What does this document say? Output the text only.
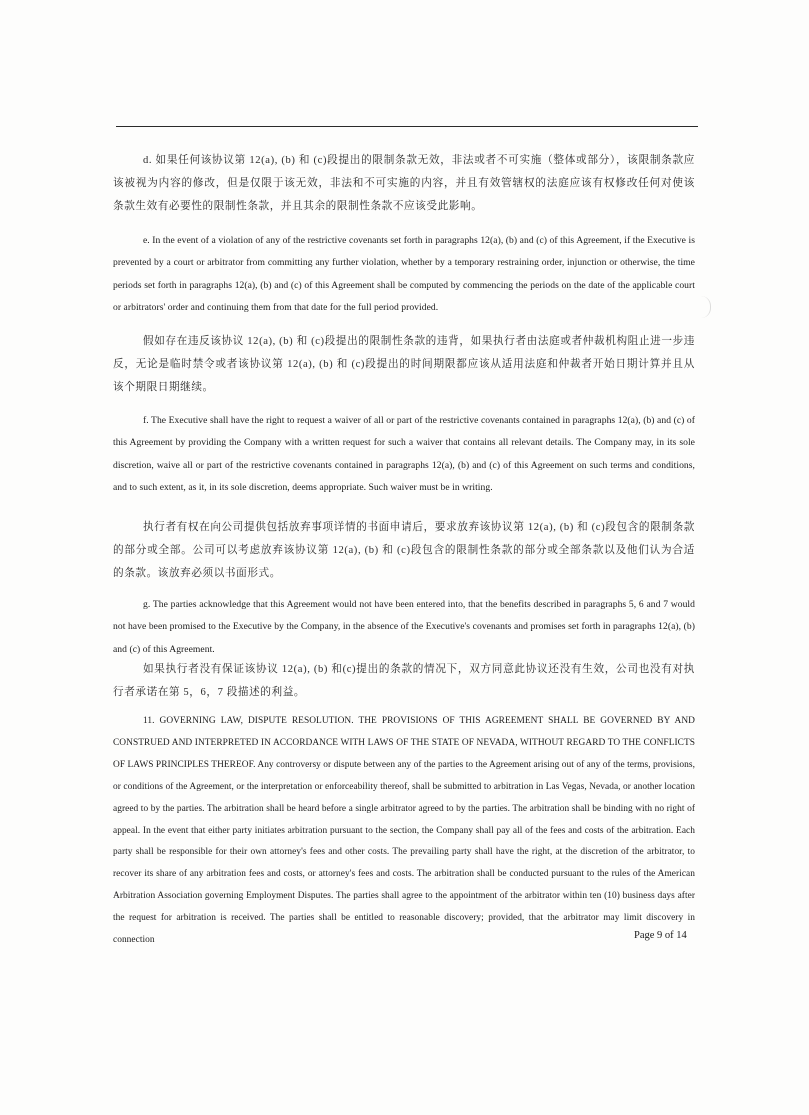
d. 如果任何该协议第 12(a), (b) 和 (c)段提出的限制条款无效，非法或者不可实施（整体或部分），该限制条款应该被视为内容的修改，但是仅限于该无效，非法和不可实施的内容，并且有效管辖权的法庭应该有权修改任何对使该条款生效有必要性的限制性条款，并且其余的限制性条款不应该受此影响。

e. In the event of a violation of any of the restrictive covenants set forth in paragraphs 12(a), (b) and (c) of this Agreement, if the Executive is prevented by a court or arbitrator from committing any further violation, whether by a temporary restraining order, injunction or otherwise, the time periods set forth in paragraphs 12(a), (b) and (c) of this Agreement shall be computed by commencing the periods on the date of the applicable court or arbitrators' order and continuing them from that date for the full period provided.

假如存在违反该协议 12(a), (b) 和 (c)段提出的限制性条款的违背，如果执行者由法庭或者仲裁机构阻止进一步违反，无论是临时禁令或者该协议第 12(a), (b) 和 (c)段提出的时间期限都应该从适用法庭和仲裁者开始日期计算并且从该个期限日期继续。

f. The Executive shall have the right to request a waiver of all or part of the restrictive covenants contained in paragraphs 12(a), (b) and (c) of this Agreement by providing the Company with a written request for such a waiver that contains all relevant details. The Company may, in its sole discretion, waive all or part of the restrictive covenants contained in paragraphs 12(a), (b) and (c) of this Agreement on such terms and conditions, and to such extent, as it, in its sole discretion, deems appropriate. Such waiver must be in writing.

执行者有权在向公司提供包括放弃事项详情的书面申请后，要求放弃该协议第 12(a), (b) 和 (c)段包含的限制条款的部分或全部。公司可以考虑放弃该协议第 12(a), (b) 和 (c)段包含的限制性条款的部分或全部条款以及他们认为合适的条款。该放弃必须以书面形式。

g. The parties acknowledge that this Agreement would not have been entered into, that the benefits described in paragraphs 5, 6 and 7 would not have been promised to the Executive by the Company, in the absence of the Executive's covenants and promises set forth in paragraphs 12(a), (b) and (c) of this Agreement.

如果执行者没有保证该协议 12(a), (b) 和(c)提出的条款的情况下，双方同意此协议还没有生效，公司也没有对执行者承诺在第 5，6，7 段描述的利益。

11. GOVERNING LAW, DISPUTE RESOLUTION. THE PROVISIONS OF THIS AGREEMENT SHALL BE GOVERNED BY AND CONSTRUED AND INTERPRETED IN ACCORDANCE WITH LAWS OF THE STATE OF NEVADA, WITHOUT REGARD TO THE CONFLICTS OF LAWS PRINCIPLES THEREOF. Any controversy or dispute between any of the parties to the Agreement arising out of any of the terms, provisions, or conditions of the Agreement, or the interpretation or enforceability thereof, shall be submitted to arbitration in Las Vegas, Nevada, or another location agreed to by the parties. The arbitration shall be heard before a single arbitrator agreed to by the parties. The arbitration shall be binding with no right of appeal. In the event that either party initiates arbitration pursuant to the section, the Company shall pay all of the fees and costs of the arbitration. Each party shall be responsible for their own attorney's fees and other costs. The prevailing party shall have the right, at the discretion of the arbitrator, to recover its share of any arbitration fees and costs, or attorney's fees and costs. The arbitration shall be conducted pursuant to the rules of the American Arbitration Association governing Employment Disputes. The parties shall agree to the appointment of the arbitrator within ten (10) business days after the request for arbitration is received. The parties shall be entitled to reasonable discovery; provided, that the arbitrator may limit discovery in connection	Page 9 of 14
